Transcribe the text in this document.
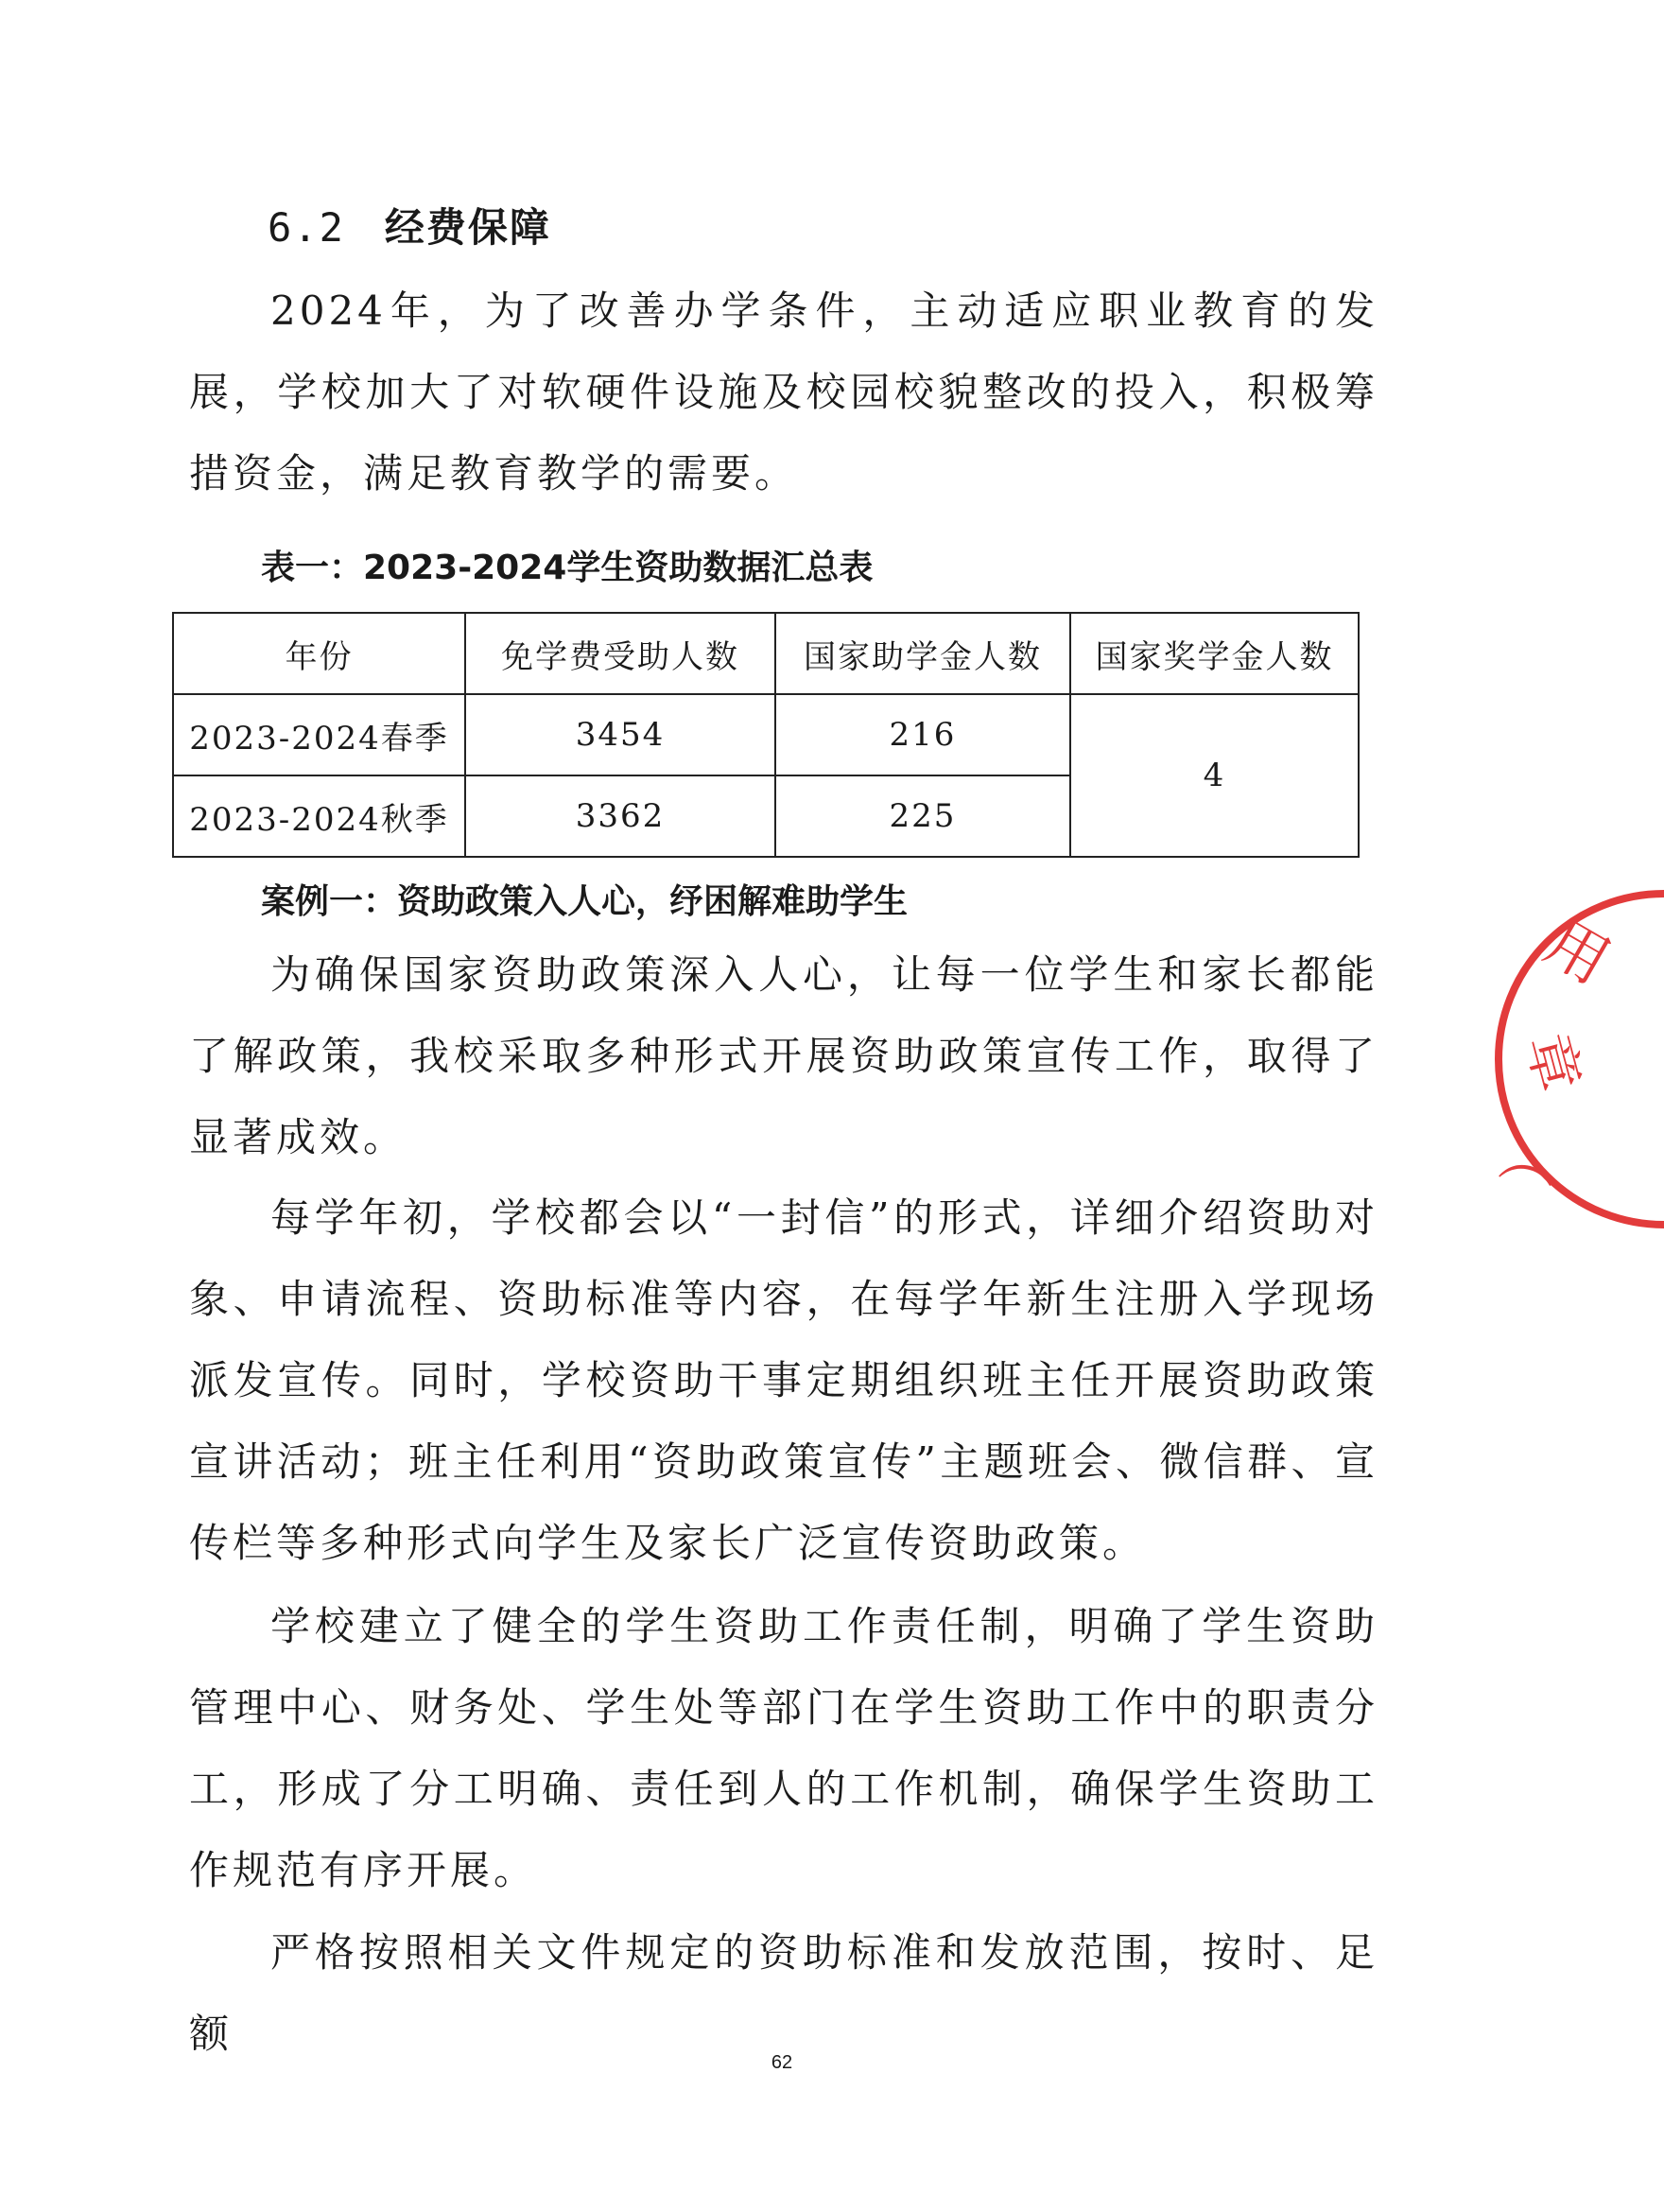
6.2 经费保障

2024年，为了改善办学条件，主动适应职业教育的发展，学校加大了对软硬件设施及校园校貌整改的投入，积极筹措资金，满足教育教学的需要。

表一：2023-2024学生资助数据汇总表
年份	免学费受助人数	国家助学金人数	国家奖学金人数
2023-2024春季	3454	216	4
2023-2024秋季	3362	225	
案例一：资助政策入人心，纾困解难助学生

为确保国家资助政策深入人心，让每一位学生和家长都能了解政策，我校采取多种形式开展资助政策宣传工作，取得了显著成效。

每学年初，学校都会以“一封信”的形式，详细介绍资助对象、申请流程、资助标准等内容，在每学年新生注册入学现场派发宣传。同时，学校资助干事定期组织班主任开展资助政策宣讲活动；班主任利用“资助政策宣传”主题班会、微信群、宣传栏等多种形式向学生及家长广泛宣传资助政策。

学校建立了健全的学生资助工作责任制，明确了学生资助管理中心、财务处、学生处等部门在学生资助工作中的职责分工，形成了分工明确、责任到人的工作机制，确保学生资助工作规范有序开展。

严格按照相关文件规定的资助标准和发放范围，按时、足额

用
章
（
62
